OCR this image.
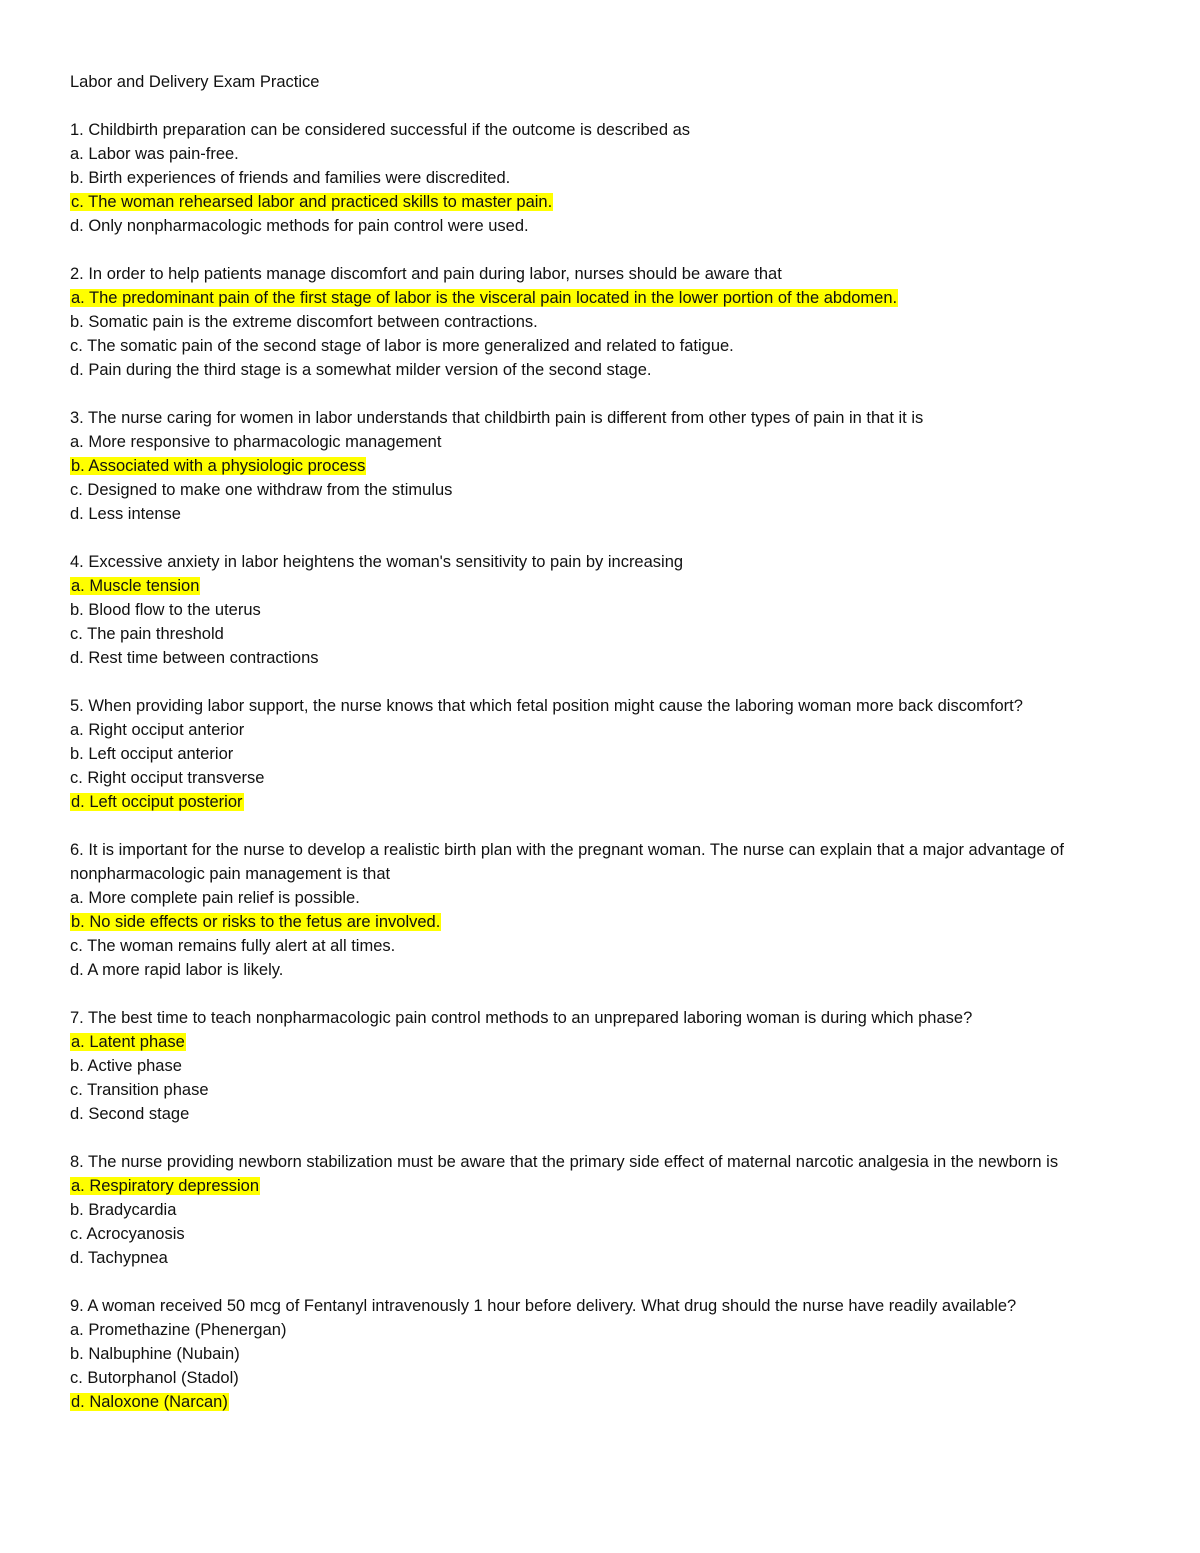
Labor and Delivery Exam Practice
1. Childbirth preparation can be considered successful if the outcome is described as
a. Labor was pain-free.
b. Birth experiences of friends and families were discredited.
c. The woman rehearsed labor and practiced skills to master pain.
d. Only nonpharmacologic methods for pain control were used.
2. In order to help patients manage discomfort and pain during labor, nurses should be aware that
a. The predominant pain of the first stage of labor is the visceral pain located in the lower portion of the abdomen.
b. Somatic pain is the extreme discomfort between contractions.
c. The somatic pain of the second stage of labor is more generalized and related to fatigue.
d. Pain during the third stage is a somewhat milder version of the second stage.
3. The nurse caring for women in labor understands that childbirth pain is different from other types of pain in that it is
a. More responsive to pharmacologic management
b. Associated with a physiologic process
c. Designed to make one withdraw from the stimulus
d. Less intense
4. Excessive anxiety in labor heightens the woman's sensitivity to pain by increasing
a. Muscle tension
b. Blood flow to the uterus
c. The pain threshold
d. Rest time between contractions
5. When providing labor support, the nurse knows that which fetal position might cause the laboring woman more back discomfort?
a. Right occiput anterior
b. Left occiput anterior
c. Right occiput transverse
d. Left occiput posterior
6. It is important for the nurse to develop a realistic birth plan with the pregnant woman. The nurse can explain that a major advantage of nonpharmacologic pain management is that
a. More complete pain relief is possible.
b. No side effects or risks to the fetus are involved.
c. The woman remains fully alert at all times.
d. A more rapid labor is likely.
7. The best time to teach nonpharmacologic pain control methods to an unprepared laboring woman is during which phase?
a. Latent phase
b. Active phase
c. Transition phase
d. Second stage
8. The nurse providing newborn stabilization must be aware that the primary side effect of maternal narcotic analgesia in the newborn is
a. Respiratory depression
b. Bradycardia
c. Acrocyanosis
d. Tachypnea
9. A woman received 50 mcg of Fentanyl intravenously 1 hour before delivery. What drug should the nurse have readily available?
a. Promethazine (Phenergan)
b. Nalbuphine (Nubain)
c. Butorphanol (Stadol)
d. Naloxone (Narcan)
